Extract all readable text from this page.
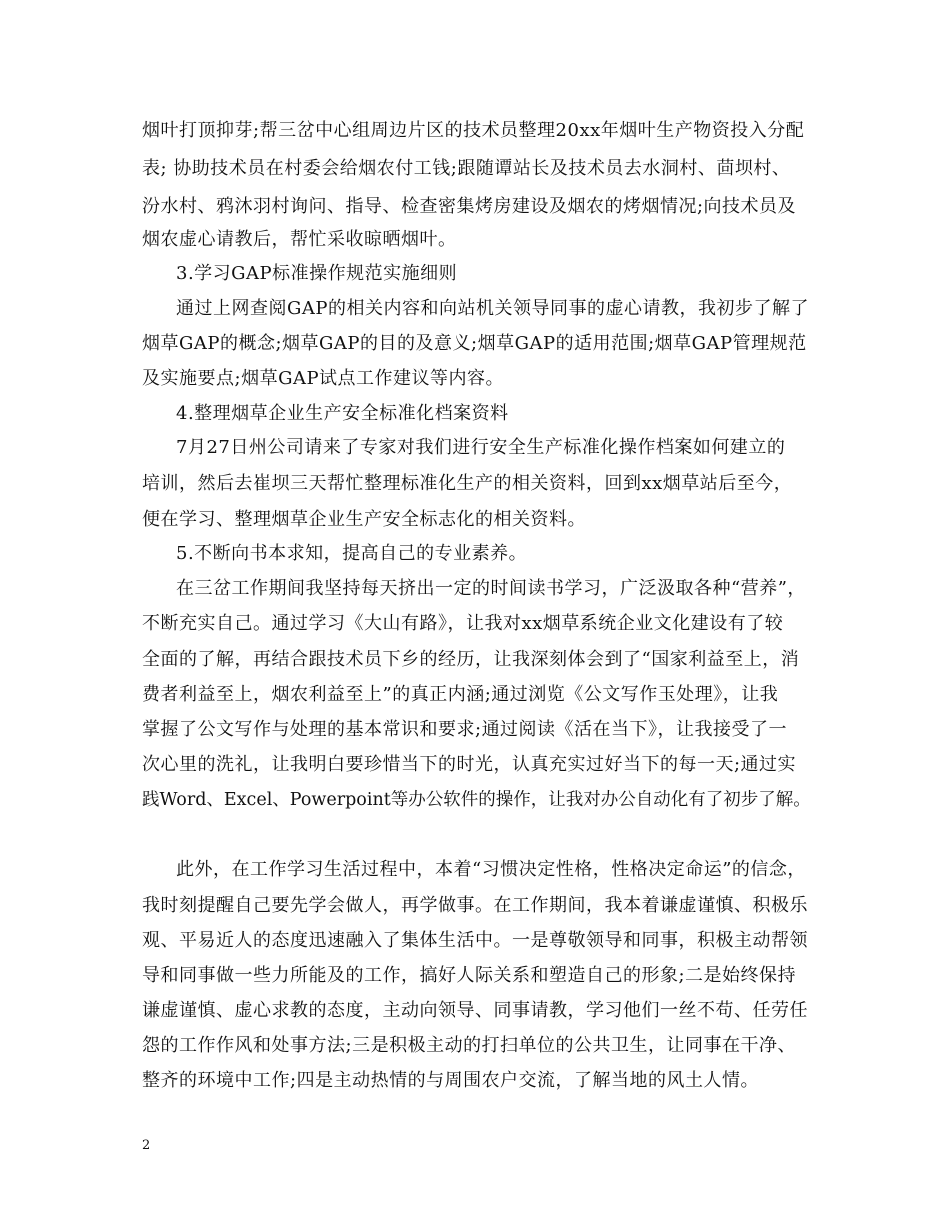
烟叶打顶抑芽;帮三岔中心组周边片区的技术员整理20xx年烟叶生产物资投入分配
表; 协助技术员在村委会给烟农付工钱;跟随谭站长及技术员去水洞村、茴坝村、
汾水村、鸦沐羽村询问、指导、检查密集烤房建设及烟农的烤烟情况;向技术员及
烟农虚心请教后，帮忙采收晾晒烟叶。
3.学习GAP标准操作规范实施细则
通过上网查阅GAP的相关内容和向站机关领导同事的虚心请教，我初步了解了
烟草GAP的概念;烟草GAP的目的及意义;烟草GAP的适用范围;烟草GAP管理规范
及实施要点;烟草GAP试点工作建议等内容。
4.整理烟草企业生产安全标准化档案资料
7月27日州公司请来了专家对我们进行安全生产标准化操作档案如何建立的
培训，然后去崔坝三天帮忙整理标准化生产的相关资料，回到xx烟草站后至今，
便在学习、整理烟草企业生产安全标志化的相关资料。
5.不断向书本求知，提高自己的专业素养。
在三岔工作期间我坚持每天挤出一定的时间读书学习，广泛汲取各种“营养”，
不断充实自己。通过学习《大山有路》，让我对xx烟草系统企业文化建设有了较
全面的了解，再结合跟技术员下乡的经历，让我深刻体会到了“国家利益至上，消
费者利益至上，烟农利益至上”的真正内涵;通过浏览《公文写作玉处理》，让我
掌握了公文写作与处理的基本常识和要求;通过阅读《活在当下》，让我接受了一
次心里的洗礼，让我明白要珍惜当下的时光，认真充实过好当下的每一天;通过实
践Word、Excel、Powerpoint等办公软件的操作，让我对办公自动化有了初步了解。
此外，在工作学习生活过程中，本着“习惯决定性格，性格决定命运”的信念，
我时刻提醒自己要先学会做人，再学做事。在工作期间，我本着谦虚谨慎、积极乐
观、平易近人的态度迅速融入了集体生活中。一是尊敬领导和同事，积极主动帮领
导和同事做一些力所能及的工作，搞好人际关系和塑造自己的形象;二是始终保持
谦虚谨慎、虚心求教的态度，主动向领导、同事请教，学习他们一丝不苟、任劳任
怨的工作作风和处事方法;三是积极主动的打扫单位的公共卫生，让同事在干净、
整齐的环境中工作;四是主动热情的与周围农户交流，了解当地的风土人情。
2
